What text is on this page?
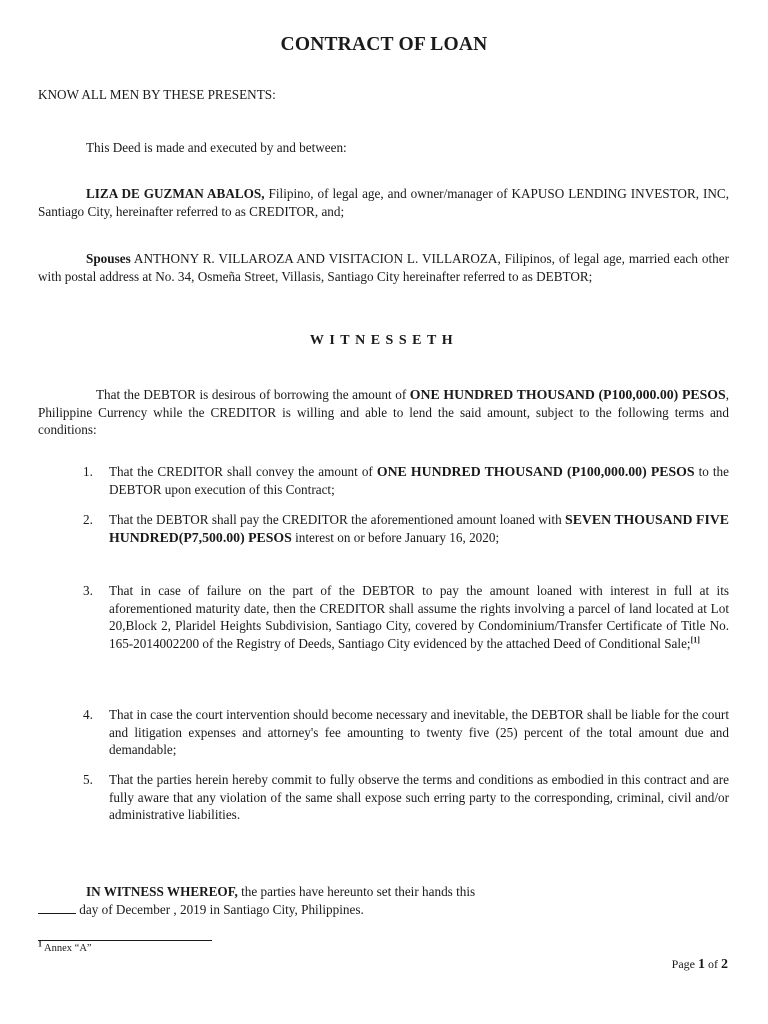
CONTRACT OF LOAN
KNOW ALL MEN BY THESE PRESENTS:
This Deed is made and executed by and between:
LIZA DE GUZMAN ABALOS, Filipino, of legal age, and owner/manager of KAPUSO LENDING INVESTOR, INC, Santiago City, hereinafter referred to as CREDITOR, and;
Spouses ANTHONY R. VILLAROZA AND VISITACION L. VILLAROZA, Filipinos, of legal age, married each other with postal address at No. 34, Osmeña Street, Villasis, Santiago City hereinafter referred to as DEBTOR;
WITNESSETH
That the DEBTOR is desirous of borrowing the amount of ONE HUNDRED THOUSAND (P100,000.00) PESOS, Philippine Currency while the CREDITOR is willing and able to lend the said amount, subject to the following terms and conditions:
1.	That the CREDITOR shall convey the amount of ONE HUNDRED THOUSAND (P100,000.00) PESOS to the DEBTOR upon execution of this Contract;
2.	That the DEBTOR shall pay the CREDITOR the aforementioned amount loaned with SEVEN THOUSAND FIVE HUNDRED(P7,500.00) PESOS interest on or before January 16, 2020;
3.	That in case of failure on the part of the DEBTOR to pay the amount loaned with interest in full at its aforementioned maturity date, then the CREDITOR shall assume the rights involving a parcel of land located at Lot 20,Block 2, Plaridel Heights Subdivision, Santiago City, covered by Condominium/Transfer Certificate of Title No. 165-2014002200 of the Registry of Deeds, Santiago City evidenced by the attached Deed of Conditional Sale;[1]
4.	That in case the court intervention should become necessary and inevitable, the DEBTOR shall be liable for the court and litigation expenses and attorney's fee amounting to twenty five (25) percent of the total amount due and demandable;
5.	That the parties herein hereby commit to fully observe the terms and conditions as embodied in this contract and are fully aware that any violation of the same shall expose such erring party to the corresponding, criminal, civil and/or administrative liabilities.
IN WITNESS WHEREOF, the parties have hereunto set their hands this
day of December , 2019 in Santiago City, Philippines.
$^1$ Annex “A”
Page 1 of 2
